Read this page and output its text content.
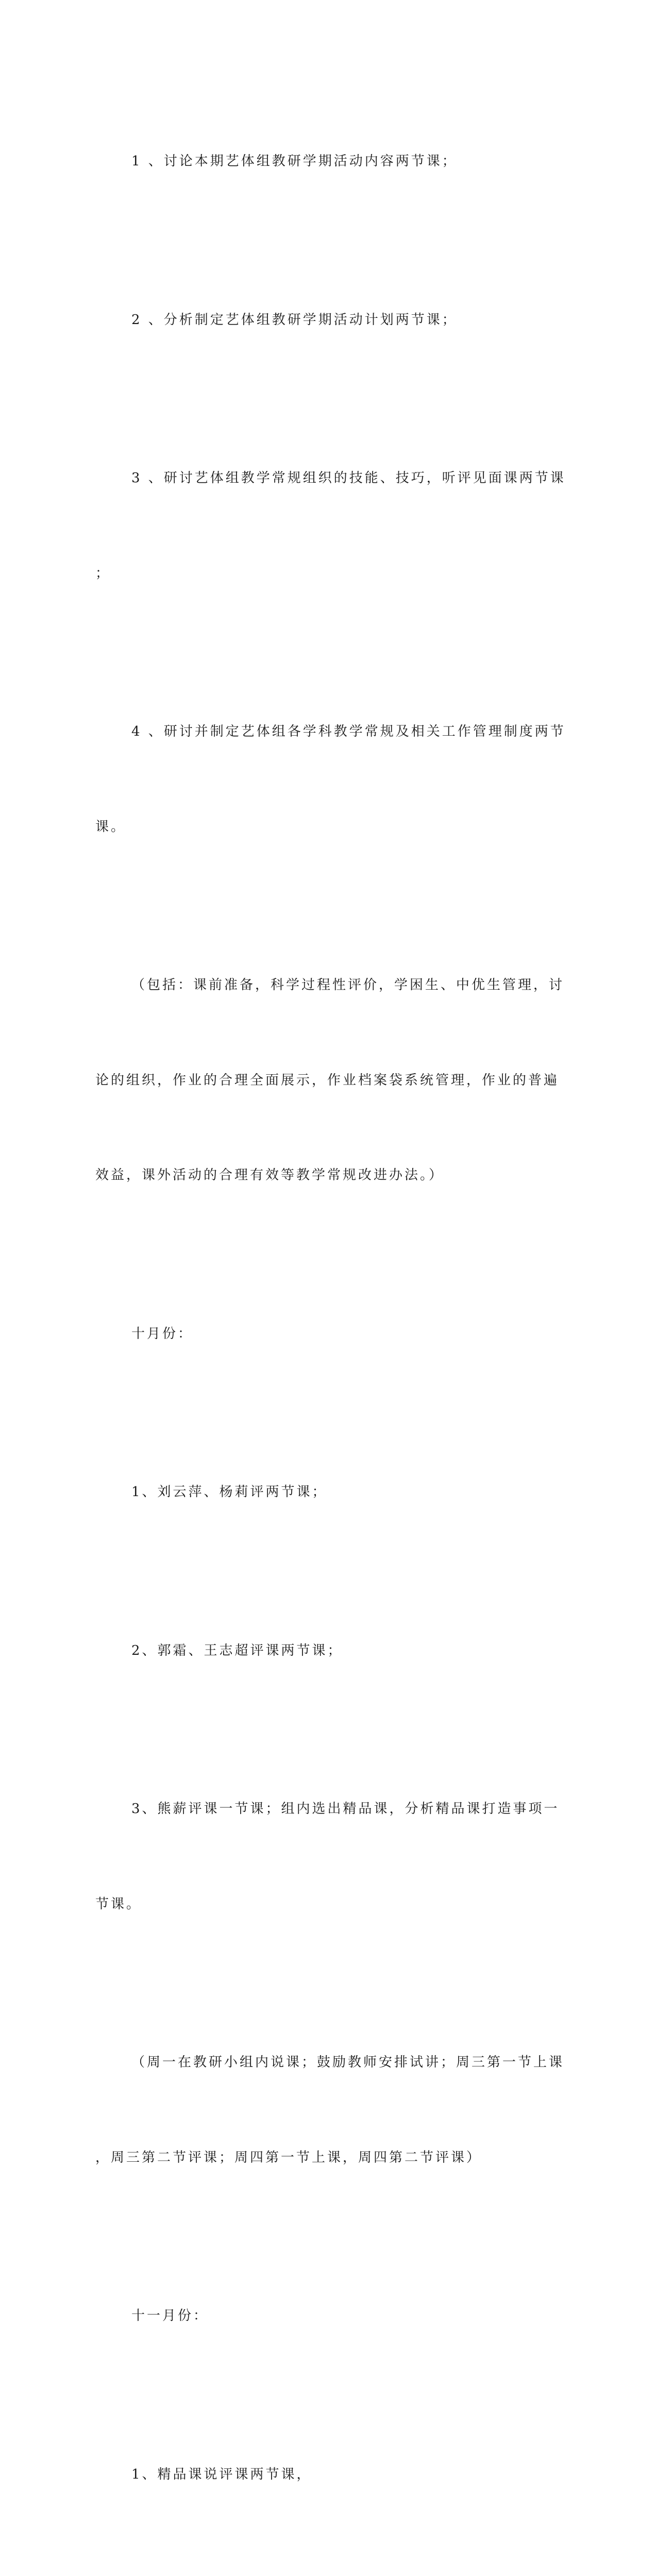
1 、讨论本期艺体组教研学期活动内容两节课；

2 、分析制定艺体组教研学期活动计划两节课；

3 、研讨艺体组教学常规组织的技能、技巧，听评见面课两节课

；

4 、研讨并制定艺体组各学科教学常规及相关工作管理制度两节

课。

（包括：课前准备，科学过程性评价，学困生、中优生管理，讨

论的组织，作业的合理全面展示，作业档案袋系统管理，作业的普遍

效益，课外活动的合理有效等教学常规改进办法。）

十月份：

1、刘云萍、杨莉评两节课；

2、郭霜、王志超评课两节课；

3、熊薪评课一节课；组内选出精品课，分析精品课打造事项一

节课。

（周一在教研小组内说课；鼓励教师安排试讲；周三第一节上课

，周三第二节评课；周四第一节上课，周四第二节评课）

十一月份：

1、精品课说评课两节课，
